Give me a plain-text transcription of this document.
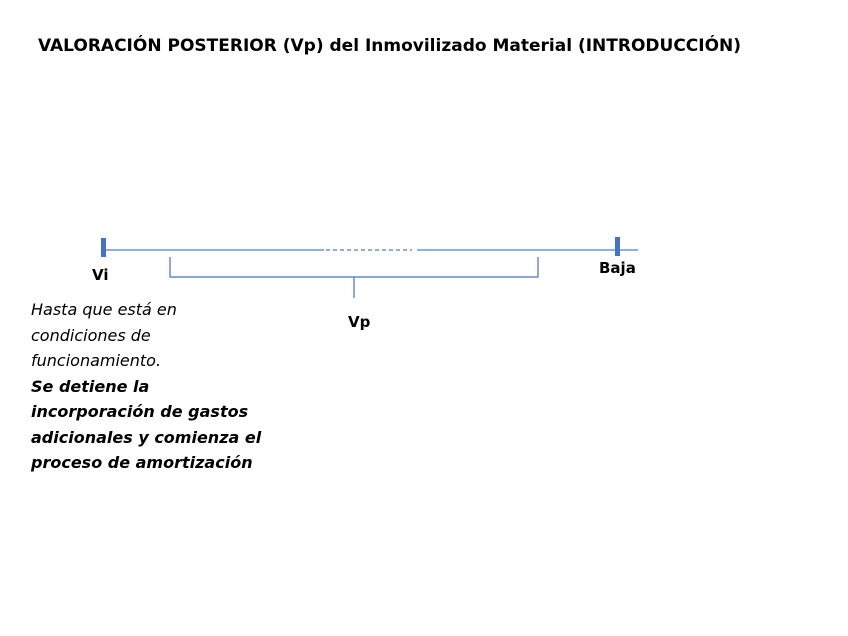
VALORACIÓN POSTERIOR (Vp) del Inmovilizado Material (INTRODUCCIÓN)
Vi	Baja
Vp
Hasta que está en
condiciones de
funcionamiento.
Se detiene la
incorporación de gastos
adicionales y comienza el
proceso de amortización
